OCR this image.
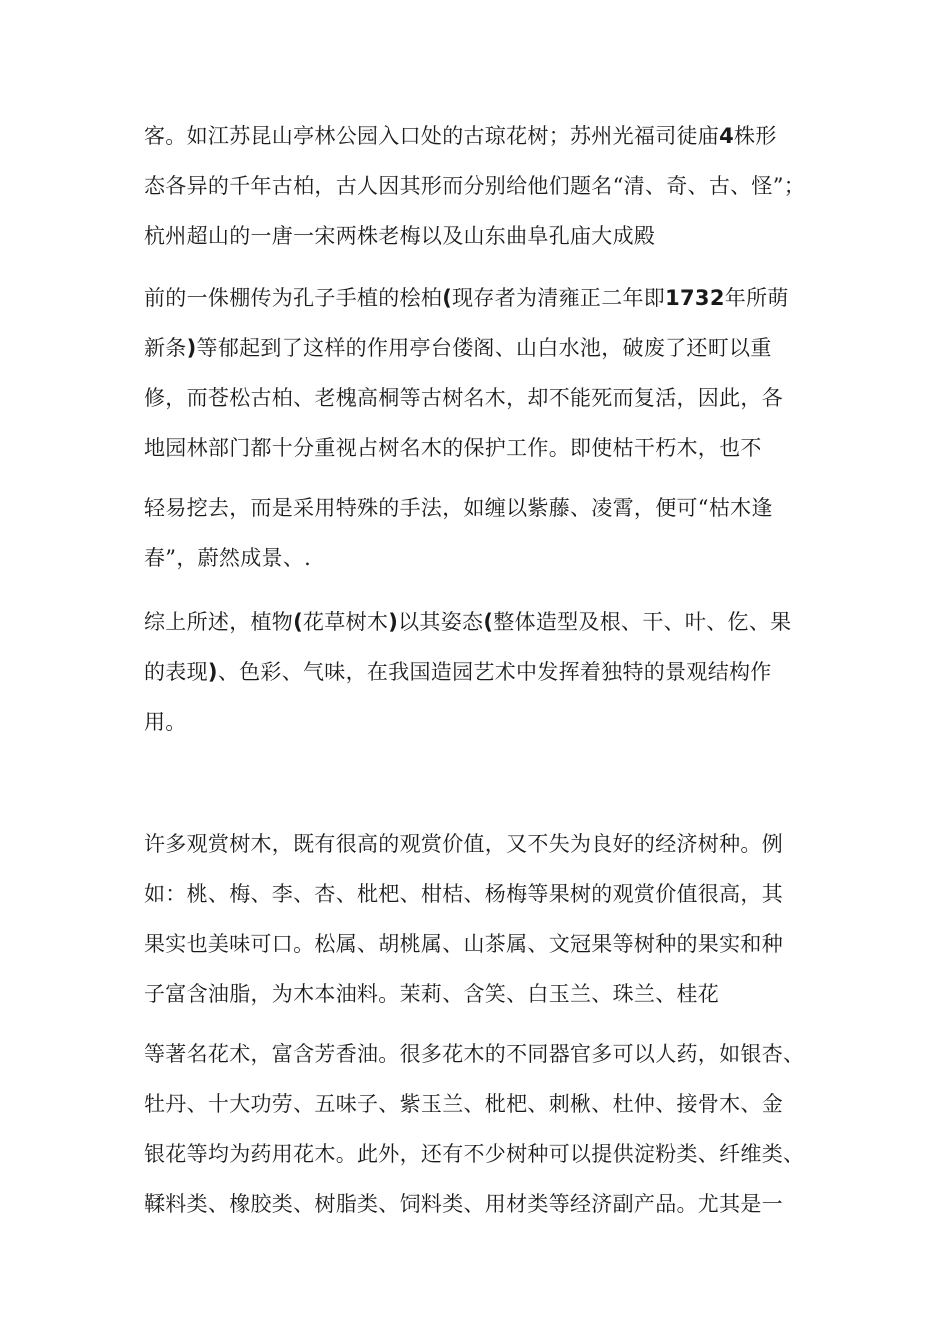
客。如江苏昆山亭林公园入口处的古琼花树；苏州光福司徒庙4株形
态各异的千年古柏，古人因其形而分别给他们题名“清、奇、古、怪”；
杭州超山的一唐一宋两株老梅以及山东曲阜孔庙大成殿

前的一侏棚传为孔子手植的桧柏(现存者为清雍正二年即1732年所萌
新条)等郁起到了这样的作用亭台偻阁、山白水池，破废了还町以重
修，而苍松古柏、老槐高桐等古树名木，却不能死而复活，因此，各
地园林部门都十分重视占树名木的保护工作。即使枯干朽木，也不

轻易挖去，而是采用特殊的手法，如缠以紫藤、凌霄，便可“枯木逢
春”，蔚然成景、.

综上所述，植物(花草树木)以其姿态(整体造型及根、干、叶、仡、果
的表现)、色彩、气味，在我国造园艺术中发挥着独特的景观结构作
用。

许多观赏树木，既有很高的观赏价值，又不失为良好的经济树种。例
如：桃、梅、李、杏、枇杷、柑桔、杨梅等果树的观赏价值很高，其
果实也美味可口。松属、胡桃属、山茶属、文冠果等树种的果实和种
子富含油脂，为木本油料。茉莉、含笑、白玉兰、珠兰、桂花

等著名花术，富含芳香油。很多花木的不同器官多可以人药，如银杏、
牡丹、十大功劳、五味子、紫玉兰、枇杷、刺楸、杜仲、接骨木、金
银花等均为药用花木。此外，还有不少树种可以提供淀粉类、纤维类、
鞣料类、橡胶类、树脂类、饲料类、用材类等经济副产品。尤其是一
